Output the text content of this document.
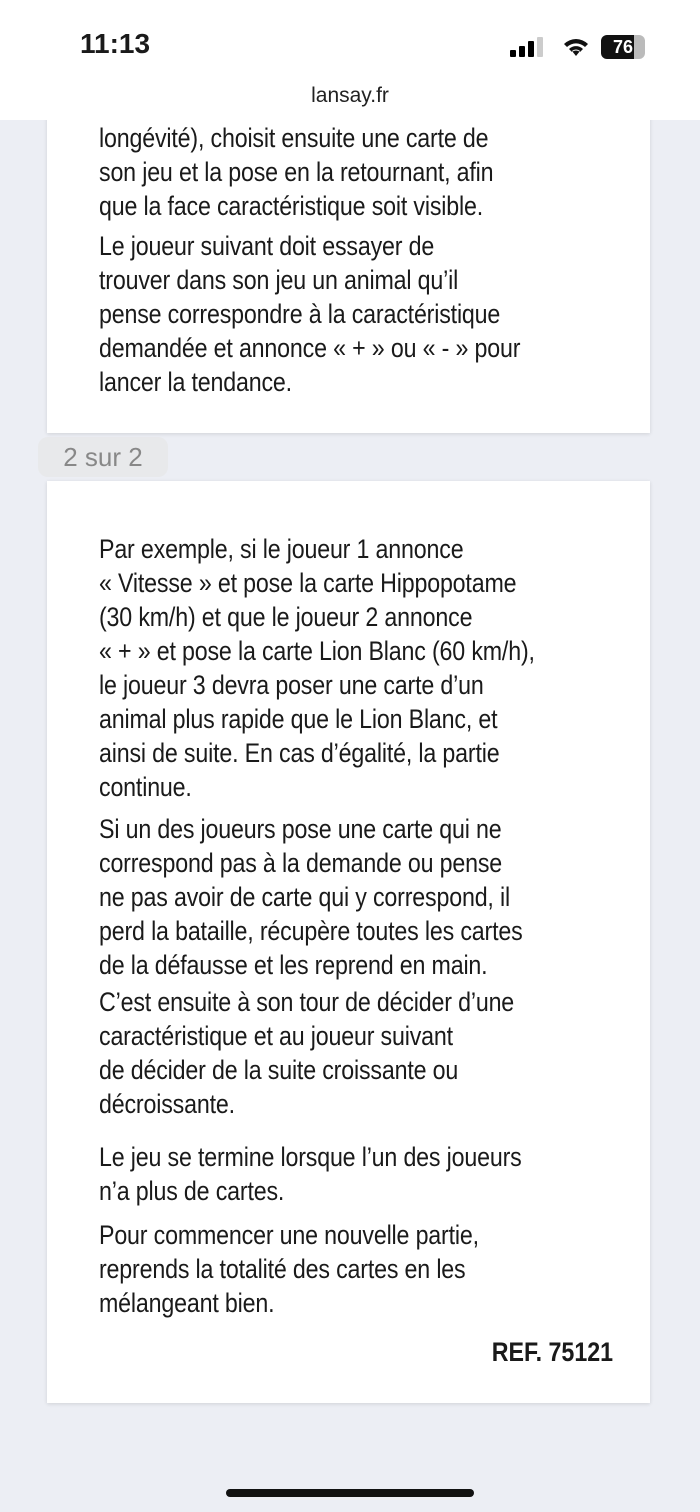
11:13	76
lansay.fr
2 sur 2
longévité), choisit ensuite une carte de
son jeu et la pose en la retournant, afin
que la face caractéristique soit visible.
Le joueur suivant doit essayer de
trouver dans son jeu un animal qu’il
pense correspondre à la caractéristique
demandée et annonce « + » ou « - » pour
lancer la tendance.
Par exemple, si le joueur 1 annonce
« Vitesse » et pose la carte Hippopotame
(30 km/h) et que le joueur 2 annonce
« + » et pose la carte Lion Blanc (60 km/h),
le joueur 3 devra poser une carte d’un
animal plus rapide que le Lion Blanc, et
ainsi de suite. En cas d’égalité, la partie
continue.
Si un des joueurs pose une carte qui ne
correspond pas à la demande ou pense
ne pas avoir de carte qui y correspond, il
perd la bataille, récupère toutes les cartes
de la défausse et les reprend en main.
C’est ensuite à son tour de décider d’une
caractéristique et au joueur suivant
de décider de la suite croissante ou
décroissante.
Le jeu se termine lorsque l’un des joueurs
n’a plus de cartes.
Pour commencer une nouvelle partie,
reprends la totalité des cartes en les
mélangeant bien.
REF. 75121
